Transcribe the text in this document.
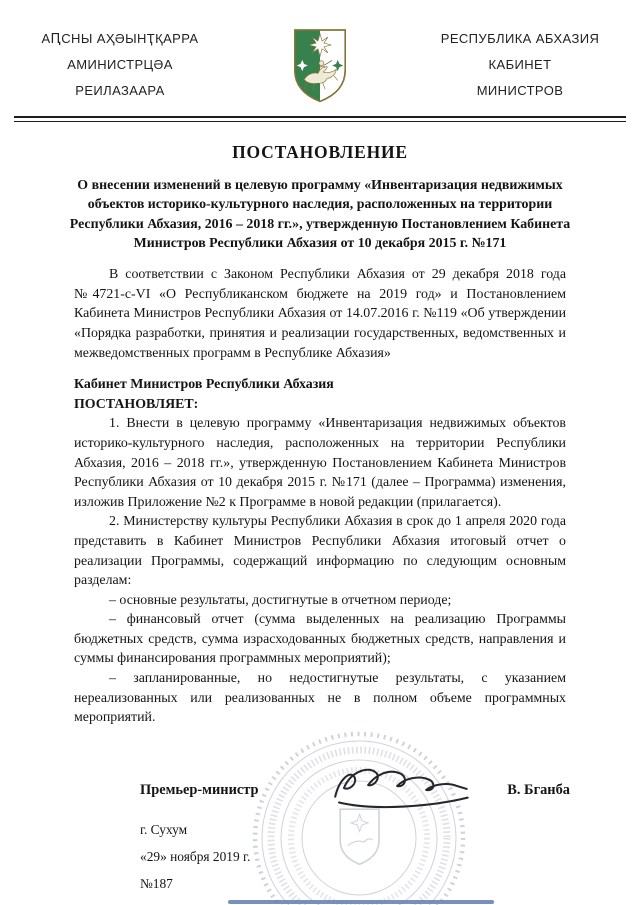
АԤСНЫ АҲӘЫНҬҚАРРА
АМИНИСТРЦӘА
РЕИЛАЗААРА
РЕСПУБЛИКА АБХАЗИЯ
КАБИНЕТ
МИНИСТРОВ
ПОСТАНОВЛЕНИЕ

О внесении изменений в целевую программу «Инвентаризация недвижимых объектов историко-культурного наследия, расположенных на территории Республики Абхазия, 2016 – 2018 гг.», утвержденную Постановлением Кабинета Министров Республики Абхазия от 10 декабря 2015 г. №171

В соответствии с Законом Республики Абхазия от 29 декабря 2018 года №4721-с-VI «О Республиканском бюджете на 2019 год» и Постановлением Кабинета Министров Республики Абхазия от 14.07.2016 г. №119 «Об утверждении «Порядка разработки, принятия и реализации государственных, ведомственных и межведомственных программ в Республике Абхазия»

Кабинет Министров Республики Абхазия

ПОСТАНОВЛЯЕТ:

1. Внести в целевую программу «Инвентаризация недвижимых объектов историко-культурного наследия, расположенных на территории Республики Абхазия, 2016 – 2018 гг.», утвержденную Постановлением Кабинета Министров Республики Абхазия от 10 декабря 2015 г. №171 (далее – Программа) изменения, изложив Приложение №2 к Программе в новой редакции (прилагается).

2. Министерству культуры Республики Абхазия в срок до 1 апреля 2020 года представить в Кабинет Министров Республики Абхазия итоговый отчет о реализации Программы, содержащий информацию по следующим основным разделам:

– основные результаты, достигнутые в отчетном периоде;

– финансовый отчет (сумма выделенных на реализацию Программы бюджетных средств, сумма израсходованных бюджетных средств, направления и суммы финансирования программных мероприятий);

– запланированные, но недостигнутые результаты, с указанием нереализованных или реализованных не в полном объеме программных мероприятий.

Премьер-министр	В. Бганба
г. Сухум
«29» ноября 2019 г.
№187
